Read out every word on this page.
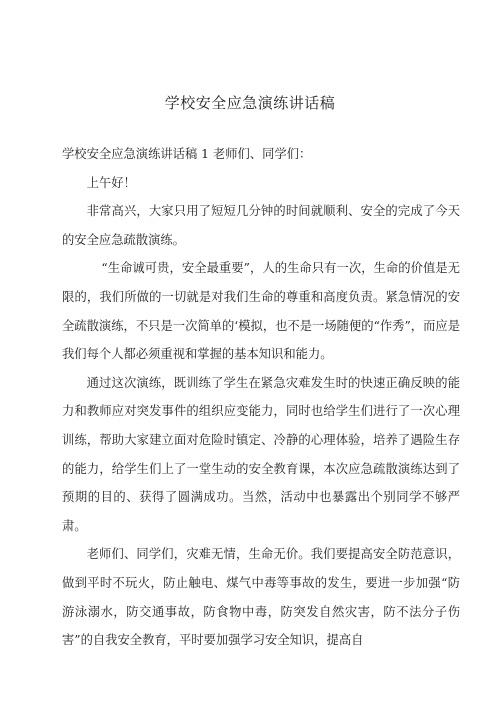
学校安全应急演练讲话稿

学校安全应急演练讲话稿 1 老师们、同学们：

上午好！

非常高兴，大家只用了短短几分钟的时间就顺利、安全的完成了今天的安全应急疏散演练。

“生命诚可贵，安全最重要”，人的生命只有一次，生命的价值是无限的，我们所做的一切就是对我们生命的尊重和高度负责。紧急情况的安全疏散演练，不只是一次简单的‘模拟，也不是一场随便的“作秀”，而应是我们每个人都必须重视和掌握的基本知识和能力。

通过这次演练，既训练了学生在紧急灾难发生时的快速正确反映的能力和教师应对突发事件的组织应变能力，同时也给学生们进行了一次心理训练，帮助大家建立面对危险时镇定、冷静的心理体验，培养了遇险生存的能力，给学生们上了一堂生动的安全教育课，本次应急疏散演练达到了预期的目的、获得了圆满成功。当然，活动中也暴露出个别同学不够严肃。

老师们、同学们，灾难无情，生命无价。我们要提高安全防范意识，做到平时不玩火，防止触电、煤气中毒等事故的发生，要进一步加强“防游泳溺水，防交通事故，防食物中毒，防突发自然灾害，防不法分子伤害”的自我安全教育，平时要加强学习安全知识，提高自
